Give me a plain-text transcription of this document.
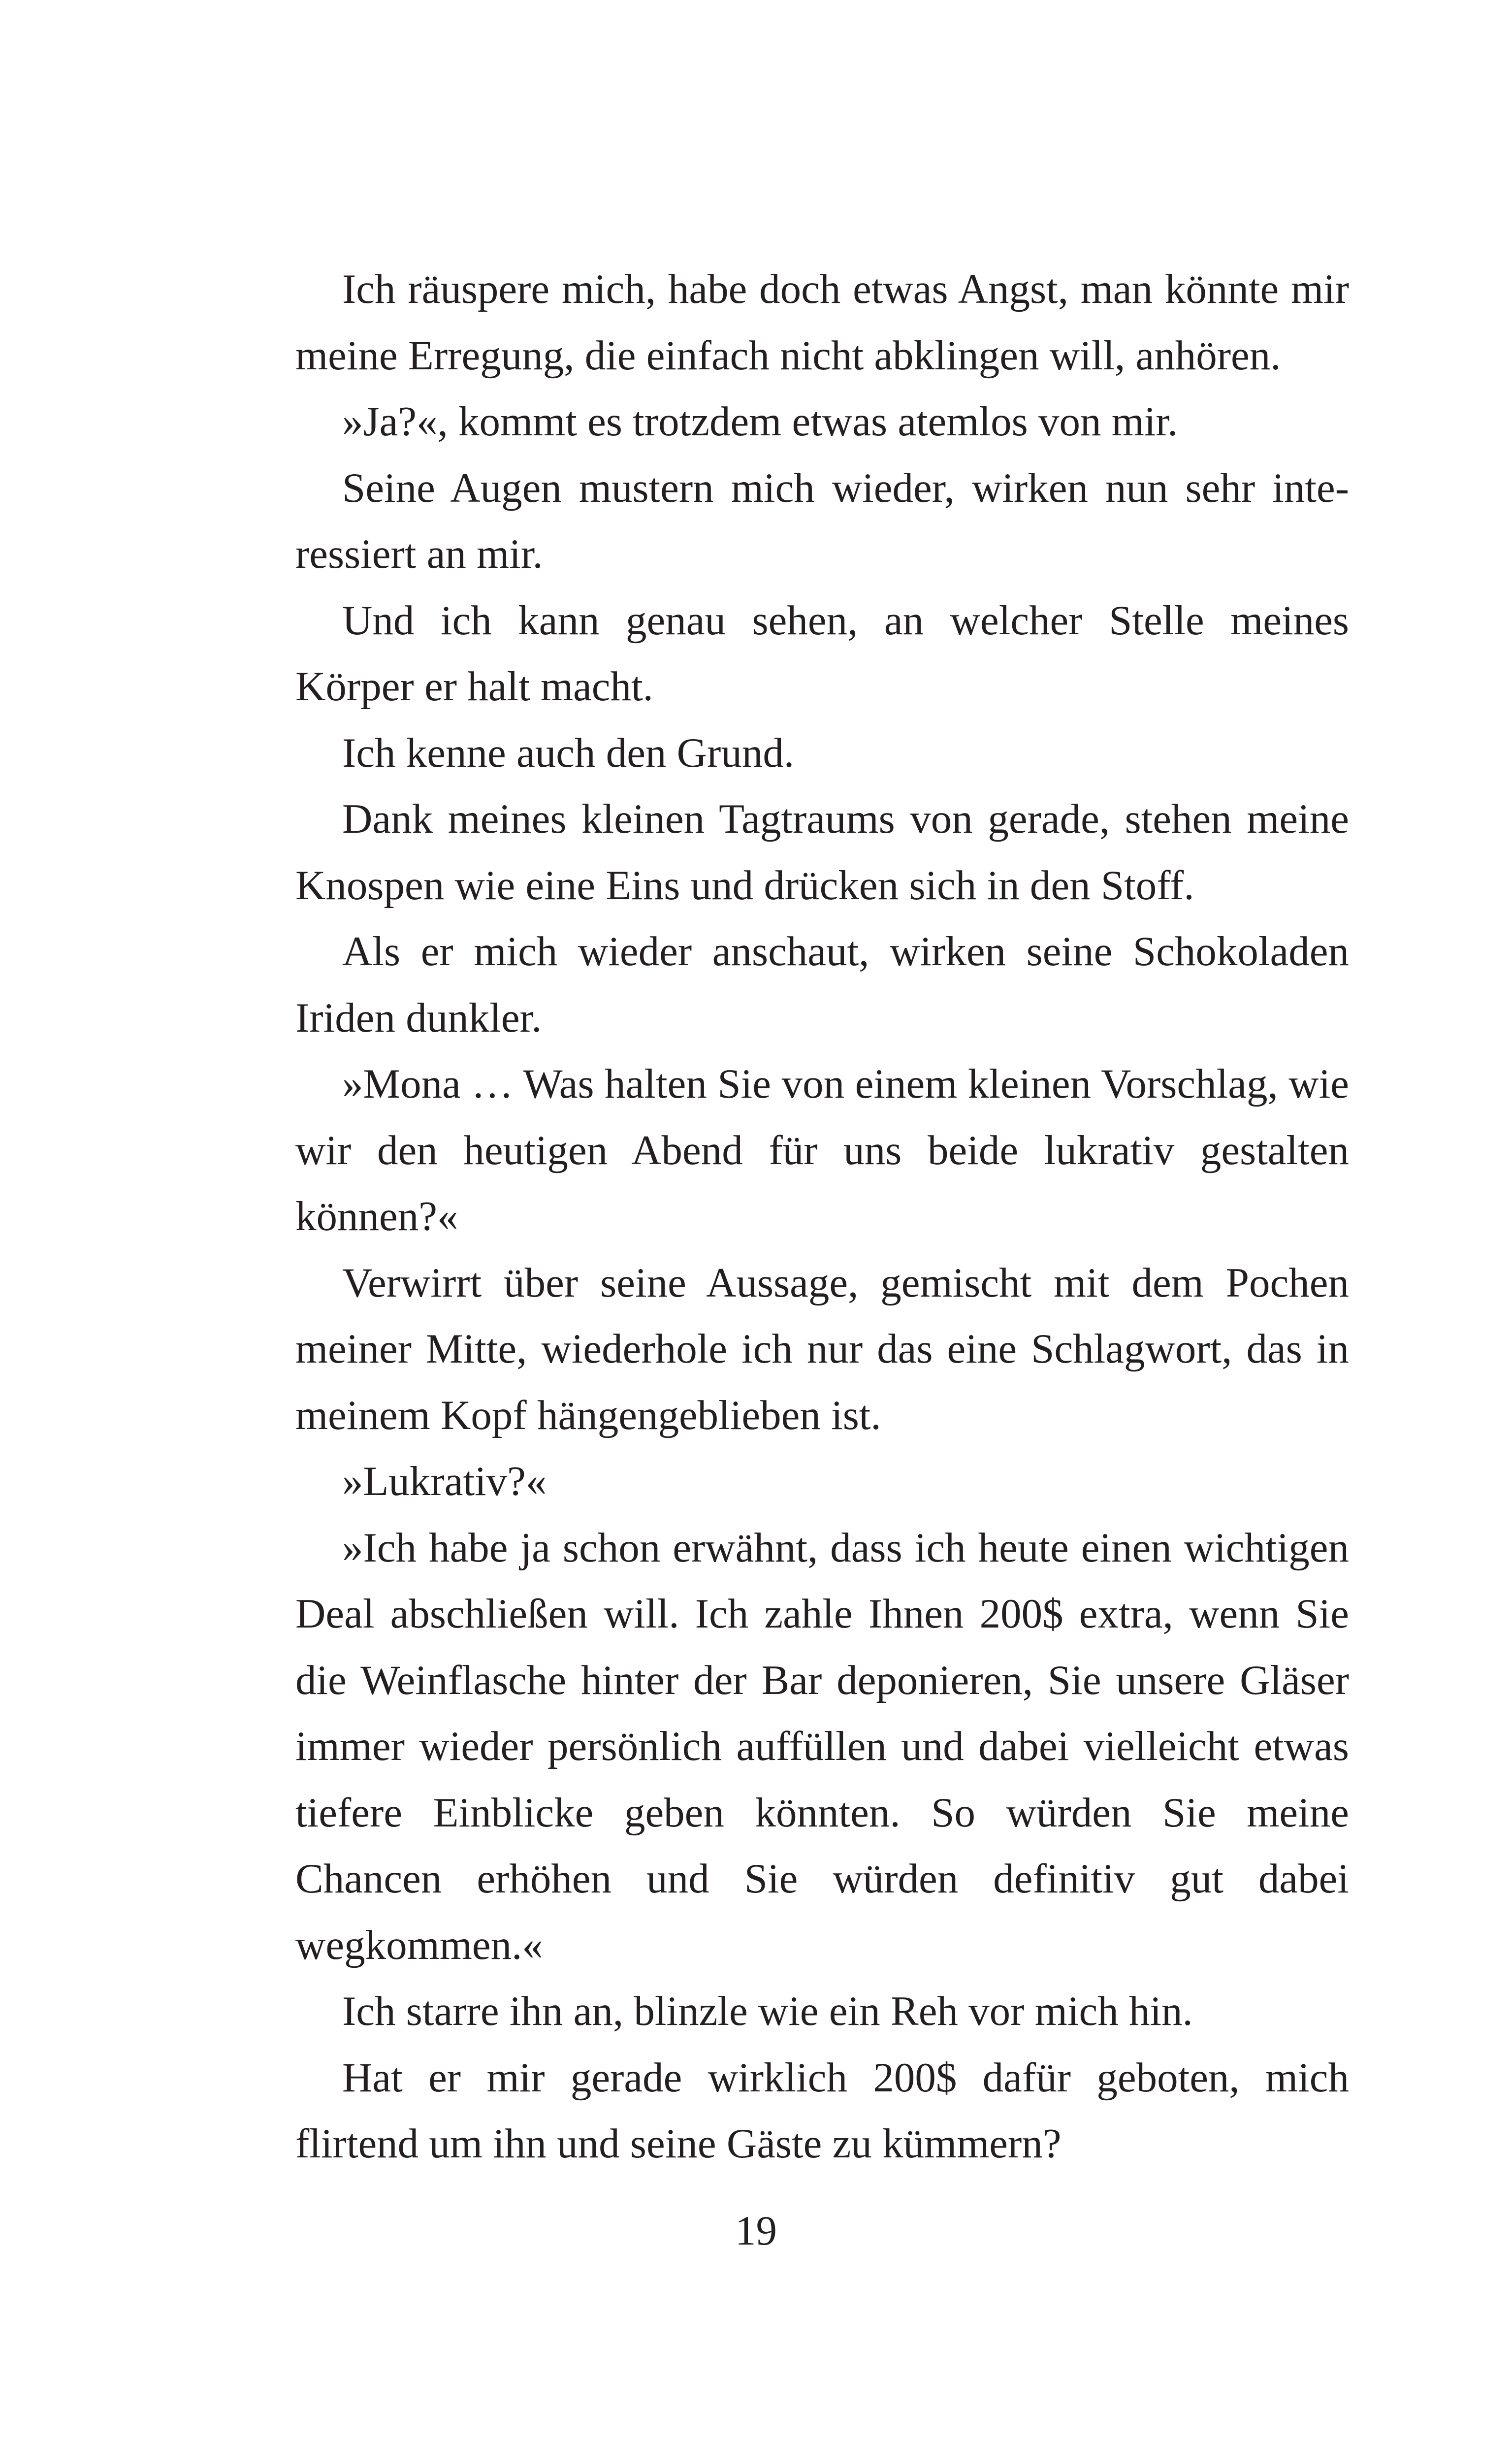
Ich räuspere mich, habe doch etwas Angst, man könnte mir meine Erregung, die einfach nicht abklingen will, anhören.

»Ja?«, kommt es trotzdem etwas atemlos von mir.

Seine Augen mustern mich wieder, wirken nun sehr interessiert an mir.

Und ich kann genau sehen, an welcher Stelle meines Körper er halt macht.

Ich kenne auch den Grund.

Dank meines kleinen Tagtraums von gerade, stehen meine Knospen wie eine Eins und drücken sich in den Stoff.

Als er mich wieder anschaut, wirken seine Schokoladen Iriden dunkler.

»Mona … Was halten Sie von einem kleinen Vorschlag, wie wir den heutigen Abend für uns beide lukrativ gestalten können?«

Verwirrt über seine Aussage, gemischt mit dem Pochen meiner Mitte, wiederhole ich nur das eine Schlagwort, das in meinem Kopf hängengeblieben ist.

»Lukrativ?«

»Ich habe ja schon erwähnt, dass ich heute einen wichtigen Deal abschließen will. Ich zahle Ihnen 200$ extra, wenn Sie die Weinflasche hinter der Bar deponieren, Sie unsere Gläser immer wieder persönlich auffüllen und dabei vielleicht etwas tiefere Einblicke geben könnten. So würden Sie meine Chancen erhöhen und Sie würden definitiv gut dabei wegkommen.«

Ich starre ihn an, blinzle wie ein Reh vor mich hin.

Hat er mir gerade wirklich 200$ dafür geboten, mich flirtend um ihn und seine Gäste zu kümmern?

19
